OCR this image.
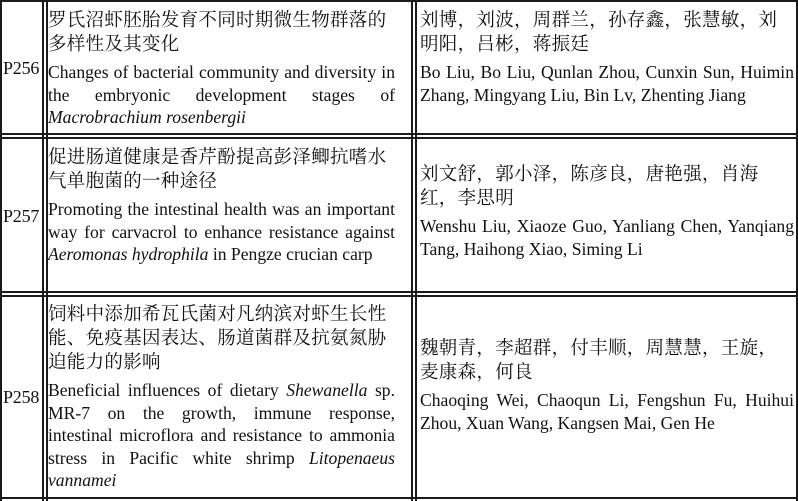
P256

罗氏沼虾胚胎发育不同时期微生物群落的多样性及其变化

Changes of bacterial community and diversity in the embryonic development stages of Macrobrachium rosenbergii

刘博，刘波，周群兰，孙存鑫，张慧敏，刘明阳，吕彬，蒋振廷

Bo Liu, Bo Liu, Qunlan Zhou, Cunxin Sun, Huimin Zhang, Mingyang Liu, Bin Lv, Zhenting Jiang

P257

促进肠道健康是香芹酚提高彭泽鲫抗嗜水气单胞菌的一种途径

Promoting the intestinal health was an important way for carvacrol to enhance resistance against Aeromonas hydrophila in Pengze crucian carp

刘文舒，郭小泽，陈彦良，唐艳强，肖海红，李思明

Wenshu Liu, Xiaoze Guo, Yanliang Chen, Yanqiang Tang, Haihong Xiao, Siming Li

P258

饲料中添加希瓦氏菌对凡纳滨对虾生长性能、免疫基因表达、肠道菌群及抗氨氮胁迫能力的影响

Beneficial influences of dietary Shewanella sp. MR-7 on the growth, immune response, intestinal microflora and resistance to ammonia stress in Pacific white shrimp Litopenaeus vannamei

魏朝青，李超群，付丰顺，周慧慧，王旋，麦康森，何良

Chaoqing Wei, Chaoqun Li, Fengshun Fu, Huihui Zhou, Xuan Wang, Kangsen Mai, Gen He
